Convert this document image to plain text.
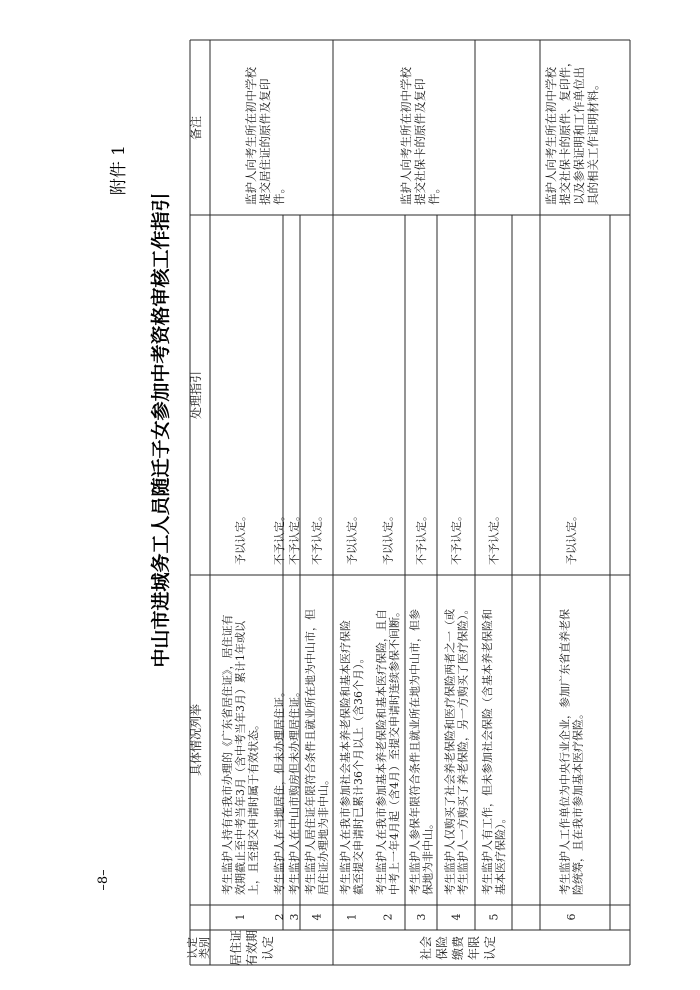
–8–
附件 1
中山市进城务工人员随迁子女参加中考资格审核工作指引
备注
处理指引
具体情况列举
认定 类别
1
考生监护人持有在我市办理的《广东省居住证》，居住证有 效期截止至中考当年3月（含中考当年3月）累计1年或以 上，且至提交申请时属于有效状态。
予以认定。
2
考生监护人在当地居住，但未办理居住证。
不予认定。
3
考生监护人在中山市购房但未办理居住证。
不予认定。
4
考生监护人居住证年限符合条件且就业所在地为中山市，但 居住证办理地为非中山。
不予认定。
居住证 有效期 认定
监护人向考生所在初中学校 提交居住证的原件及复印 件。
1
考生监护人在我市参加社会基本养老保险和基本医疗保险 截至提交申请时已累计36个月以上（含36个月）。
予以认定。
2
考生监护人在我市参加基本养老保险和基本医疗保险，且自 中考上一年4月起（含4月）至提交申请时连续参保不间断。
予以认定。
3
考生监护人参保年限符合条件且就业所在地为中山市，但参 保地为非中山。
不予认定。
4
考生监护人仅购买了社会养老保险和医疗保险两者之一（或 考生监护人一方购买了养老保险，另一方购买了医疗保险）。
不予认定。
5
考生监护人有工作，但未参加社会保险（含基本养老保险和 基本医疗保险）。
不予认定。
6
考生监护人工作单位为中央行业企业，参加广东省直养老保 险统筹，且在我市参加基本医疗保险。
予以认定。
社会 保险 缴费 年限 认定
监护人向考生所在初中学校 提交社保卡的原件及复印 件。	监护人向考生所在初中学校 提交社保卡的原件、复印件， 以及参保证明和工作单位出 具的相关工作证明材料。
